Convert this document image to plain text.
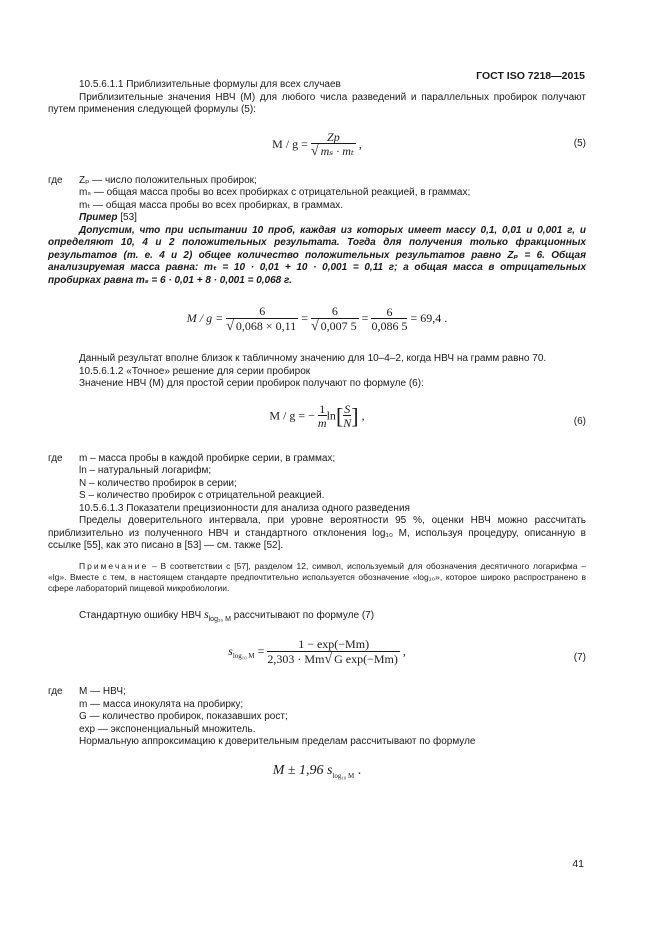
ГОСТ ISO 7218—2015

10.5.6.1.1 Приблизительные формулы для всех случаев

Приблизительные значения НВЧ (М) для любого числа разведений и параллельных пробирок получают путем применения следующей формулы (5):

$M / g = \frac{Zp}{\text{√ mₛ · mₜ}}$ ,	(5)

где Zₚ — число положительных пробирок;

mₛ — общая масса пробы во всех пробирках с отрицательной реакцией, в граммах;

mₜ — общая масса пробы во всех пробирках, в граммах.

Пример [53]

Допустим, что при испытании 10 проб, каждая из которых имеет массу 0,1, 0,01 и 0,001 г, и определяют 10, 4 и 2 положительных результата. Тогда для получения только фракционных результатов (т. е. 4 и 2) общее количество положительных результатов равно Zₚ = 6. Общая анализируемая масса равна: mₜ = 10 · 0,01 + 10 · 0,001 = 0,11 г; а общая масса в отрицательных пробирках равна mₛ = 6 · 0,01 + 8 · 0,001 = 0,068 г.

$M / g = \frac{6}{√ 0,068 \times 0,11} = \frac{6}{√ 0,007 5} = \frac{6}{0,086 5} = 69,4$ .

Данный результат вполне близок к табличному значению для 10–4–2, когда НВЧ на грамм равно 70.

10.5.6.1.2 «Точное» решение для серии пробирок

Значение НВЧ (М) для простой серии пробирок получают по формуле (6):

M / g = − $\frac{1}{m} \ln[ \frac{S}{N}$ ] ,	(6)

где m – масса пробы в каждой пробирке серии, в граммах;

ln – натуральный логарифм;

N – количество пробирок в серии;

S – количество пробирок с отрицательной реакцией.

10.5.6.1.3 Показатели прецизионности для анализа одного разведения

Пределы доверительного интервала, при уровне вероятности 95 %, оценки НВЧ можно рассчитать приблизительно из полученного НВЧ и стандартного отклонения log₁₀ M, используя процедуру, описанную в ссылке [55], как это писано в [53] — см. также [52].

Примечание – В соответствии с [57], разделом 12, символ, используемый для обозначения десятичного логарифма – «lg». Вместе с тем, в настоящем стандарте предпочтительно используется обозначение «log₁₀», которое широко распространено в сфере лабораторий пищевой микробиологии.

Стандартную ошибку НВЧ $s_{log_{10} M}$ рассчитывают по формуле (7)

$s_{log_{10} M} = \frac{1 - \exp(-Mm)}{\text{2,303 · Mm√ G exp(−Mm)}}$ ,	(7)

где M — НВЧ;

m — масса инокулята на пробирку;

G — количество пробирок, показавших рост;

exp — экспоненциальный множитель.

Нормальную аппроксимацию к доверительным пределам рассчитывают по формуле

M ± 1,96 $s_{log_{10} M}$ .
41
